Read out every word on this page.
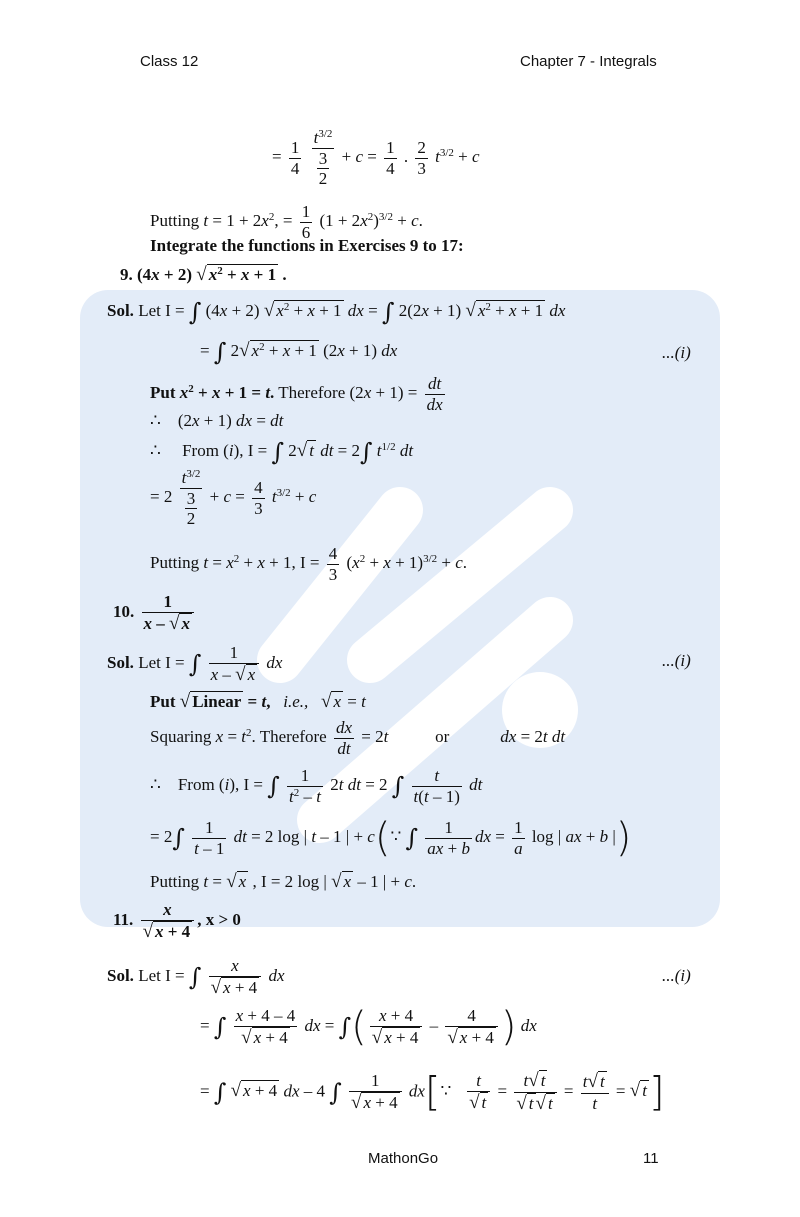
Class 12	Chapter 7 - Integrals
= $\frac{1}{4}$
$\frac{t^{3/2}}{\frac{3}{2}} + c = \frac{1}{4}$ . $\frac{2}{3} t^{3/2} + c$
Putting $t = 1 + 2x^2$, = $\frac{1}{6} (1 + 2x^2)^{3/2} + c$.
Integrate the functions in Exercises 9 to 17:
9. (4x + 2) √ $x^2 + x + 1$ .
Sol. Let I = ∫ (4x + 2) √ $x^2 + x + 1$ dx = ∫ 2(2x + 1) √ $x^2 + x + 1$ dx
= ∫ 2√ $x^2 + x + 1$ (2x + 1) dx	...(i)
Put $x^2 + x + 1 = t$. Therefore $(2x + 1) = \frac{dt}{dx}$
∴    (2x + 1) dx = dt
∴     From (i), I = ∫ 2√ t dt = 2∫ $t^{1/2}$ dt
= $2 \frac{t^{3/2}}{\frac{3}{2}} + c = \frac{4}{3} t^{3/2} + c$
Putting $t = x^2 + x + 1$, $I = \frac{4}{3} (x^2 + x + 1)^{3/2} + c$.
10. $\frac{1}{x - √ x}$
Sol. Let I = ∫ $\frac{1}{x - √ x}$ dx	...(i)
Put √ Linear = t, i.e., √ x = t
Squaring $x = t^2$. Therefore $\frac{dx}{dt} = 2t$	or	dx = 2t dt
∴    From (i), I = ∫ $\frac{1}{t^2 - t} 2t$ dt = 2 ∫ $\frac{t}{t(t - 1)}$ dt
= $2\int \frac{1}{t - 1}$ dt = 2 log | t – 1 | + c(∵ ∫ $\frac{1}{ax + b}$ dx = $\frac{1}{a}$ log | ax + b |)
Putting t = √ x , I = 2 log | √ x – 1 | + c.
11. $\frac{x}{√ x + 4}$ , x > 0
Sol. Let I = ∫ $\frac{x}{√ x + 4}$ dx	...(i)
= ∫ $\frac{x + 4 - 4}{√ x + 4}$ dx = ∫( $\frac{x + 4}{√ x + 4} - \frac{4}{√ x + 4}$ ) dx
= ∫ √ x + 4 dx – 4 ∫ $\frac{1}{√ x + 4}$ dx[∵ $\frac{t}{√ t} = \frac{t√ t}{√ t √ t} = \frac{t√ t}{t}$ = √ t]
MathonGo	11
